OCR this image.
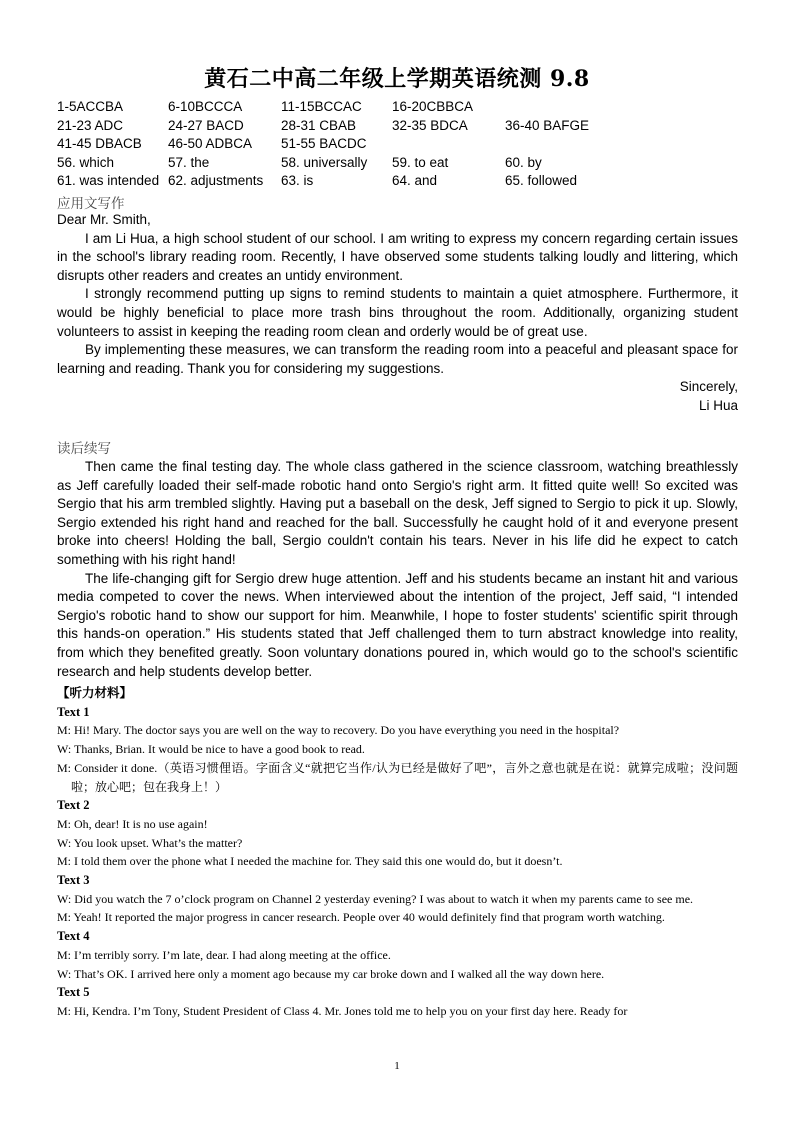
黄石二中高二年级上学期英语统测 9.8
1-5ACCBA	6-10BCCCA	11-15BCCAC	16-20CBBCA
21-23 ADC	24-27 BACD	28-31 CBAB	32-35 BDCA	36-40 BAFGE
41-45 DBACB	46-50 ADBCA	51-55 BACDC
56. which	57. the	58. universally	59. to eat	60. by
61. was intended 62. adjustments	63. is	64. and	65. followed
应用文写作

Dear Mr. Smith,

I am Li Hua, a high school student of our school. I am writing to express my concern regarding certain issues in the school's library reading room. Recently, I have observed some students talking loudly and littering, which disrupts other readers and creates an untidy environment.

I strongly recommend putting up signs to remind students to maintain a quiet atmosphere. Furthermore, it would be highly beneficial to place more trash bins throughout the room. Additionally, organizing student volunteers to assist in keeping the reading room clean and orderly would be of great use.

By implementing these measures, we can transform the reading room into a peaceful and pleasant space for learning and reading. Thank you for considering my suggestions.

Sincerely,

Li Hua

读后续写

Then came the final testing day. The whole class gathered in the science classroom, watching breathlessly as Jeff carefully loaded their self-made robotic hand onto Sergio's right arm. It fitted quite well! So excited was Sergio that his arm trembled slightly. Having put a baseball on the desk, Jeff signed to Sergio to pick it up. Slowly, Sergio extended his right hand and reached for the ball. Successfully he caught hold of it and everyone present broke into cheers! Holding the ball, Sergio couldn't contain his tears. Never in his life did he expect to catch something with his right hand!

The life-changing gift for Sergio drew huge attention. Jeff and his students became an instant hit and various media competed to cover the news. When interviewed about the intention of the project, Jeff said, “I intended Sergio's robotic hand to show our support for him. Meanwhile, I hope to foster students' scientific spirit through this hands-on operation.” His students stated that Jeff challenged them to turn abstract knowledge into reality, from which they benefited greatly. Soon voluntary donations poured in, which would go to the school's scientific research and help students develop better.

【听力材料】
Text 1
M: Hi! Mary. The doctor says you are well on the way to recovery. Do you have everything you need in the hospital?
W: Thanks, Brian. It would be nice to have a good book to read.
M: Consider it done.（英语习惯俚语。字面含义“就把它当作/认为已经是做好了吧”，言外之意也就是在说：就算完成啦；没问题啦；放心吧；包在我身上！）
Text 2
M: Oh, dear! It is no use again!
W: You look upset. What’s the matter?
M: I told them over the phone what I needed the machine for. They said this one would do, but it doesn’t.
Text 3
W: Did you watch the 7 o’clock program on Channel 2 yesterday evening? I was about to watch it when my parents came to see me.
M: Yeah! It reported the major progress in cancer research. People over 40 would definitely find that program worth watching.
Text 4
M: I’m terribly sorry. I’m late, dear. I had along meeting at the office.
W: That’s OK. I arrived here only a moment ago because my car broke down and I walked all the way down here.
Text 5
M: Hi, Kendra. I’m Tony, Student President of Class 4. Mr. Jones told me to help you on your first day here. Ready for
1
